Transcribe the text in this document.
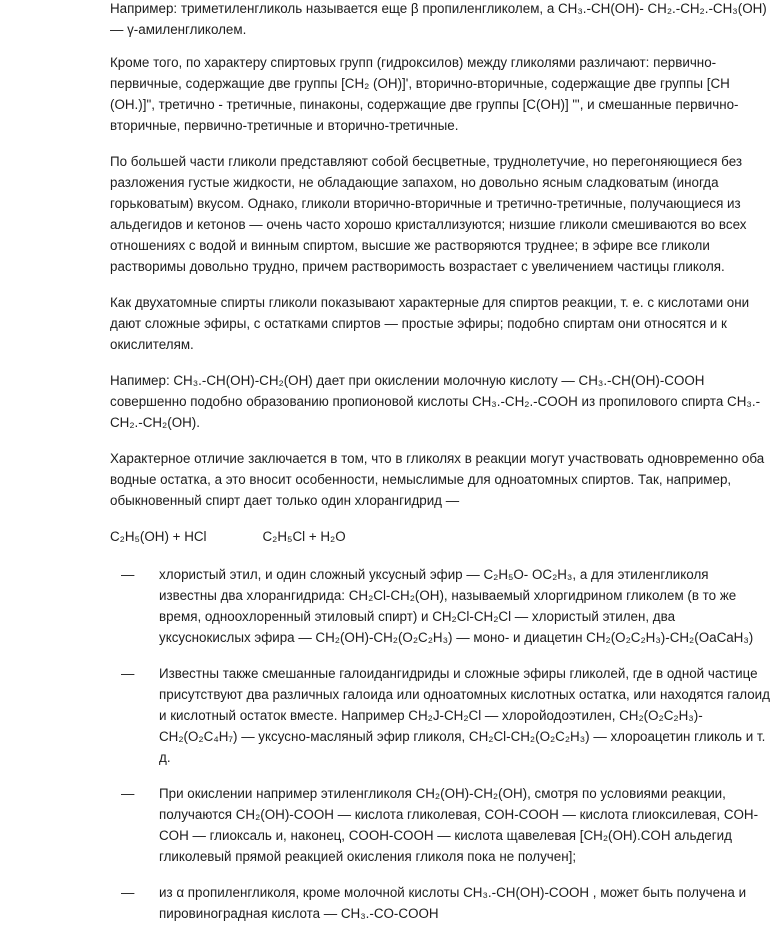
Например: триметиленгликоль называется еще β пропиленгликолем, а CH₃.-CH(OH)- CH₂.-CH₂.-CH₃(OH) — γ-амиленгликолем.

Кроме того, по характеру спиртовых групп (гидроксилов) между гликолями различают: первично-первичные, содержащие две группы [CH₂ (OH)]', вторично-вторичные, содержащие две группы [CH (OH.)]", третично - третичные, пинаконы, содержащие две группы [C(OH)] "', и смешанные первично-вторичные, первично-третичные и вторично-третичные.

По большей части гликоли представляют собой бесцветные, труднолетучие, но перегоняющиеся без разложения густые жидкости, не обладающие запахом, но довольно ясным сладковатым (иногда горьковатым) вкусом. Однако, гликоли вторично-вторичные и третично-третичные, получающиеся из альдегидов и кетонов — очень часто хорошо кристаллизуются; низшие гликоли смешиваются во всех отношениях с водой и винным спиртом, высшие же растворяются труднее; в эфире все гликоли растворимы довольно трудно, причем растворимость возрастает с увеличением частицы гликоля.

Как двухатомные спирты гликоли показывают характерные для спиртов реакции, т. е. с кислотами они дают сложные эфиры, с остатками спиртов — простые эфиры; подобно спиртам они относятся и к окислителям.

Напимер: CH₃.-CH(OH)-CH₂(OH) дает при окислении молочную кислоту — CH₃.-CH(OH)-COOH совершенно подобно образованию пропионовой кислоты CH₃.-CH₂.-COOH из пропилового спирта CH₃.-CH₂.-CH₂(OH).

Характерное отличие заключается в том, что в гликолях в реакции могут участвовать одновременно оба водные остатка, а это вносит особенности, немыслимые для одноатомных спиртов. Так, например, обыкновенный спирт дает только один хлорангидрид —

C₂H₅(OH) + HCl	C₂H₅Cl + H₂O
—	хлористый этил, и один сложный уксусный эфир — C₂H₅O- OC₂H₃, а для этиленгликоля известны два хлорангидрида: CH₂Cl-CH₂(OH), называемый хлоргидрином гликолем (в то же время, одноохлоренный этиловый спирт) и CH₂Cl-CH₂Cl — хлористый этилен, два уксуснокислых эфира — CH₂(OH)-CH₂(O₂C₂H₃) — моно- и диацетин CH₂(O₂C₂H₃)-CH₂(OaCaH₃)
—	Известны также смешанные галоидангидриды и сложные эфиры гликолей, где в одной частице присутствуют два различных галоида или одноатомных кислотных остатка, или находятся галоид и кислотный остаток вместе. Например CH₂J-CH₂Cl — хлоройодоэтилен, CH₂(O₂C₂H₃)-CH₂(O₂C₄H₇) — уксусно-масляный эфир гликоля, CH₂Cl-CH₂(O₂C₂H₃) — хлороацетин гликоль и т. д.
—	При окислении например этиленгликоля CH₂(OH)-CH₂(OH), смотря по условиями реакции, получаются CH₂(OH)-COOH — кислота гликолевая, COH-COOH — кислота глиоксилевая, COH-COH — глиоксаль и, наконец, COOH-COOH — кислота щавелевая [CH₂(OH).COH альдегид гликолевый прямой реакцией окисления гликоля пока не получен];
—	из α пропиленгликоля, кроме молочной кислоты CH₃.-CH(OH)-COOH , может быть получена и пировиноградная кислота — CH₃.-CO-COOH
